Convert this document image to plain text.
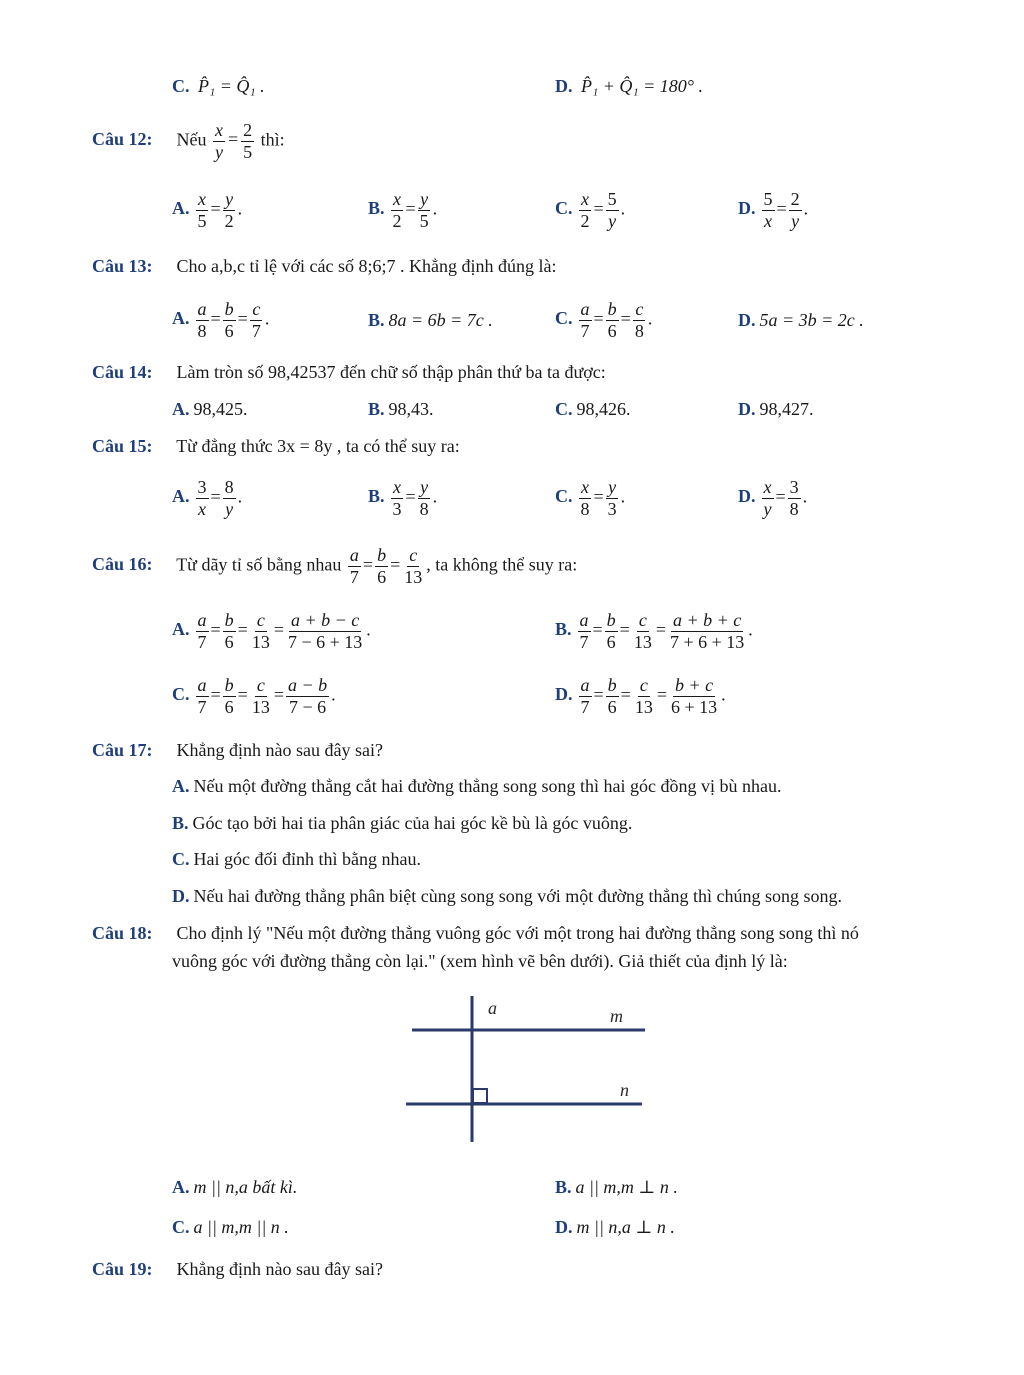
C. P̂₁ = Q̂₁ .	D. P̂₁ + Q̂₁ = 180° .
Câu 12: Nếu $\frac{x}{y} = \frac{2}{5}$ thì:
A. $\frac{x}{5} = \frac{y}{2}$ .	B. $\frac{x}{2} = \frac{y}{5}$ .	C. $\frac{x}{2} = \frac{5}{y}$ .	D. $\frac{5}{x} = \frac{2}{y}$ .
Câu 13: Cho a,b,c tỉ lệ với các số 8;6;7 . Khẳng định đúng là:
A. $\frac{a}{8} = \frac{b}{6} = \frac{c}{7}$ .	B. 8a = 6b = 7c .	C. $\frac{a}{7} = \frac{b}{6} = \frac{c}{8}$ .	D. 5a = 3b = 2c .
Câu 14: Làm tròn số 98,42537 đến chữ số thập phân thứ ba ta được:
A. 98,425.	B. 98,43.	C. 98,426.	D. 98,427.
Câu 15: Từ đẳng thức 3x = 8y , ta có thể suy ra:
A. $\frac{3}{x} = \frac{8}{y}$ .	B. $\frac{x}{3} = \frac{y}{8}$ .	C. $\frac{x}{8} = \frac{y}{3}$ .	D. $\frac{x}{y} = \frac{3}{8}$ .
Câu 16: Từ dãy tỉ số bằng nhau $\frac{a}{7} = \frac{b}{6} = \frac{c}{13}$ , ta không thể suy ra:
A. $\frac{a}{7} = \frac{b}{6} = \frac{c}{13} = \frac{a + b - c}{7 - 6 + 13}$ .	B. $\frac{a}{7} = \frac{b}{6} = \frac{c}{13} = \frac{a + b + c}{7 + 6 + 13}$ .
C. $\frac{a}{7} = \frac{b}{6} = \frac{c}{13} = \frac{a - b}{7 - 6}$ .	D. $\frac{a}{7} = \frac{b}{6} = \frac{c}{13} = \frac{b + c}{6 + 13}$ .
Câu 17: Khẳng định nào sau đây sai?
A. Nếu một đường thẳng cắt hai đường thẳng song song thì hai góc đồng vị bù nhau.
B. Góc tạo bởi hai tia phân giác của hai góc kề bù là góc vuông.
C. Hai góc đối đỉnh thì bằng nhau.
D. Nếu hai đường thẳng phân biệt cùng song song với một đường thẳng thì chúng song song.
Câu 18: Cho định lý "Nếu một đường thẳng vuông góc với một trong hai đường thẳng song song thì nó
vuông góc với đường thẳng còn lại." (xem hình vẽ bên dưới). Giả thiết của định lý là:
a	m
n
A. m || n,a bất kì.	B. a || m,m ⊥ n .
C. a || m,m || n .	D. m || n,a ⊥ n .
Câu 19: Khẳng định nào sau đây sai?
